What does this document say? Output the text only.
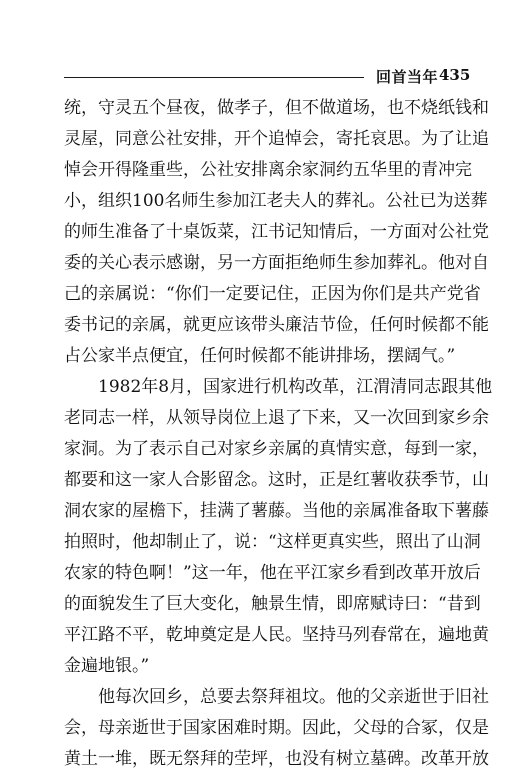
回首当年 435
统，守灵五个昼夜，做孝子，但不做道场，也不烧纸钱和
灵屋，同意公社安排，开个追悼会，寄托哀思。为了让追
悼会开得隆重些，公社安排离余家洞约五华里的青冲完
小，组织100名师生参加江老夫人的葬礼。公社已为送葬
的师生准备了十桌饭菜，江书记知情后，一方面对公社党
委的关心表示感谢，另一方面拒绝师生参加葬礼。他对自
己的亲属说：“你们一定要记住，正因为你们是共产党省
委书记的亲属，就更应该带头廉洁节俭，任何时候都不能
占公家半点便宜，任何时候都不能讲排场，摆阔气。”
1982年8月，国家进行机构改革，江渭清同志跟其他
老同志一样，从领导岗位上退了下来，又一次回到家乡余
家洞。为了表示自己对家乡亲属的真情实意，每到一家，
都要和这一家人合影留念。这时，正是红薯收获季节，山
洞农家的屋檐下，挂满了薯藤。当他的亲属准备取下薯藤
拍照时，他却制止了，说：“这样更真实些，照出了山洞
农家的特色啊！”这一年，他在平江家乡看到改革开放后
的面貌发生了巨大变化，触景生情，即席赋诗曰：“昔到
平江路不平，乾坤奠定是人民。坚持马列春常在，遍地黄
金遍地银。”
他每次回乡，总要去祭拜祖坟。他的父亲逝世于旧社
会，母亲逝世于国家困难时期。因此，父母的合冢，仅是
黄土一堆，既无祭拜的茔坪，也没有树立墓碑。改革开放
